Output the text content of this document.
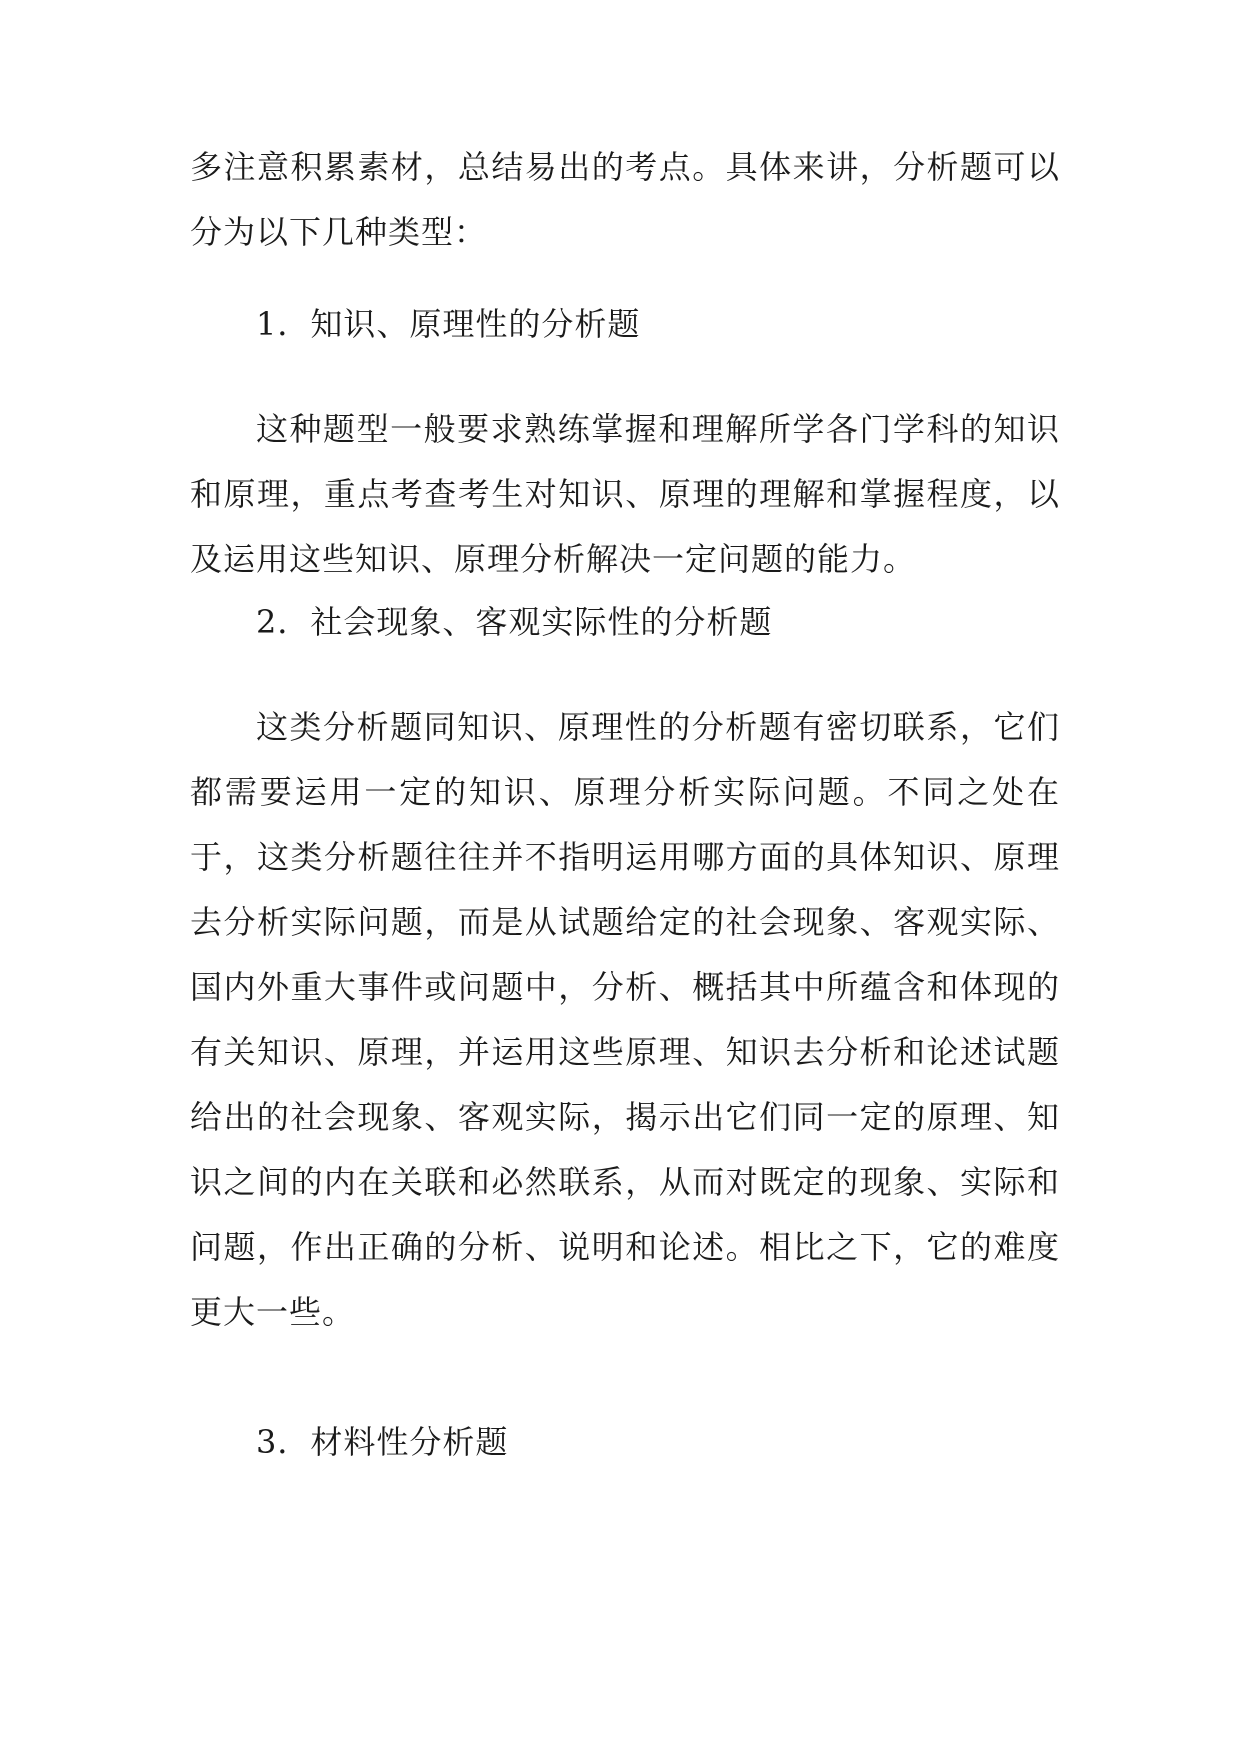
多注意积累素材，总结易出的考点。具体来讲，分析题可以分为以下几种类型：

1．知识、原理性的分析题

这种题型一般要求熟练掌握和理解所学各门学科的知识和原理，重点考查考生对知识、原理的理解和掌握程度，以及运用这些知识、原理分析解决一定问题的能力。

2．社会现象、客观实际性的分析题

这类分析题同知识、原理性的分析题有密切联系，它们都需要运用一定的知识、原理分析实际问题。不同之处在于，这类分析题往往并不指明运用哪方面的具体知识、原理去分析实际问题，而是从试题给定的社会现象、客观实际、国内外重大事件或问题中，分析、概括其中所蕴含和体现的有关知识、原理，并运用这些原理、知识去分析和论述试题给出的社会现象、客观实际，揭示出它们同一定的原理、知识之间的内在关联和必然联系，从而对既定的现象、实际和问题，作出正确的分析、说明和论述。相比之下，它的难度更大一些。

3．材料性分析题
